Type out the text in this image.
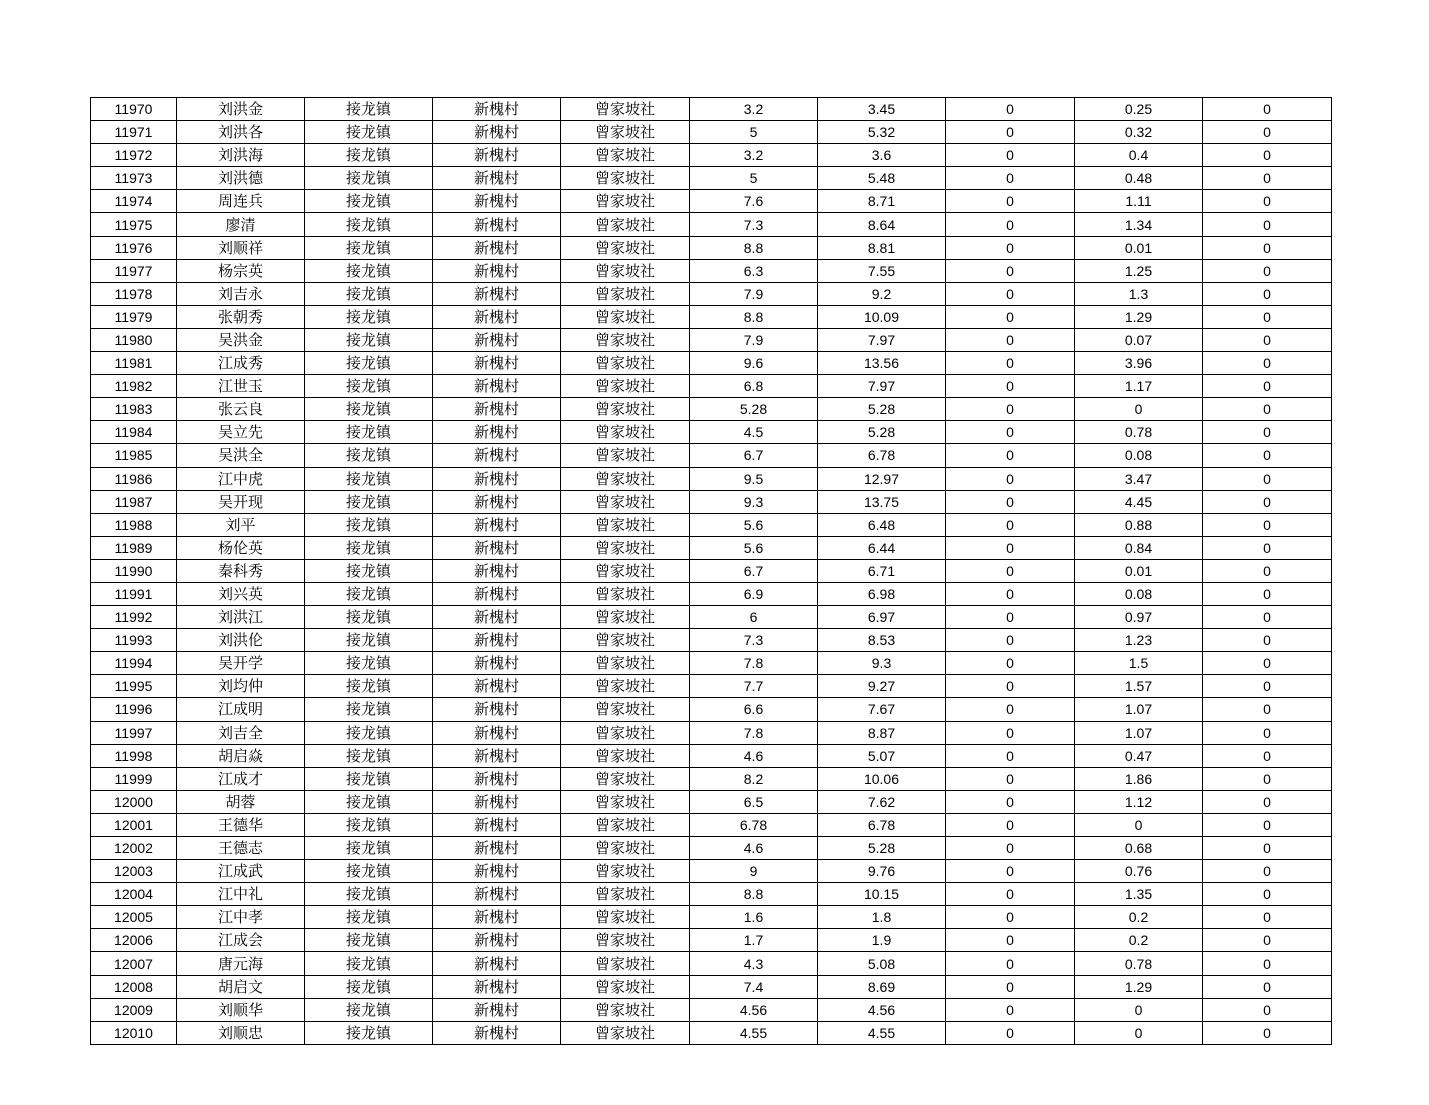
11970	刘洪金	接龙镇	新槐村	曾家坡社	3.2	3.45	0	0.25	0
11971	刘洪各	接龙镇	新槐村	曾家坡社	5	5.32	0	0.32	0
11972	刘洪海	接龙镇	新槐村	曾家坡社	3.2	3.6	0	0.4	0
11973	刘洪德	接龙镇	新槐村	曾家坡社	5	5.48	0	0.48	0
11974	周连兵	接龙镇	新槐村	曾家坡社	7.6	8.71	0	1.11	0
11975	廖清	接龙镇	新槐村	曾家坡社	7.3	8.64	0	1.34	0
11976	刘顺祥	接龙镇	新槐村	曾家坡社	8.8	8.81	0	0.01	0
11977	杨宗英	接龙镇	新槐村	曾家坡社	6.3	7.55	0	1.25	0
11978	刘吉永	接龙镇	新槐村	曾家坡社	7.9	9.2	0	1.3	0
11979	张朝秀	接龙镇	新槐村	曾家坡社	8.8	10.09	0	1.29	0
11980	吴洪金	接龙镇	新槐村	曾家坡社	7.9	7.97	0	0.07	0
11981	江成秀	接龙镇	新槐村	曾家坡社	9.6	13.56	0	3.96	0
11982	江世玉	接龙镇	新槐村	曾家坡社	6.8	7.97	0	1.17	0
11983	张云良	接龙镇	新槐村	曾家坡社	5.28	5.28	0	0	0
11984	吴立先	接龙镇	新槐村	曾家坡社	4.5	5.28	0	0.78	0
11985	吴洪全	接龙镇	新槐村	曾家坡社	6.7	6.78	0	0.08	0
11986	江中虎	接龙镇	新槐村	曾家坡社	9.5	12.97	0	3.47	0
11987	吴开现	接龙镇	新槐村	曾家坡社	9.3	13.75	0	4.45	0
11988	刘平	接龙镇	新槐村	曾家坡社	5.6	6.48	0	0.88	0
11989	杨伦英	接龙镇	新槐村	曾家坡社	5.6	6.44	0	0.84	0
11990	秦科秀	接龙镇	新槐村	曾家坡社	6.7	6.71	0	0.01	0
11991	刘兴英	接龙镇	新槐村	曾家坡社	6.9	6.98	0	0.08	0
11992	刘洪江	接龙镇	新槐村	曾家坡社	6	6.97	0	0.97	0
11993	刘洪伦	接龙镇	新槐村	曾家坡社	7.3	8.53	0	1.23	0
11994	吴开学	接龙镇	新槐村	曾家坡社	7.8	9.3	0	1.5	0
11995	刘均仲	接龙镇	新槐村	曾家坡社	7.7	9.27	0	1.57	0
11996	江成明	接龙镇	新槐村	曾家坡社	6.6	7.67	0	1.07	0
11997	刘吉全	接龙镇	新槐村	曾家坡社	7.8	8.87	0	1.07	0
11998	胡启焱	接龙镇	新槐村	曾家坡社	4.6	5.07	0	0.47	0
11999	江成才	接龙镇	新槐村	曾家坡社	8.2	10.06	0	1.86	0
12000	胡蓉	接龙镇	新槐村	曾家坡社	6.5	7.62	0	1.12	0
12001	王德华	接龙镇	新槐村	曾家坡社	6.78	6.78	0	0	0
12002	王德志	接龙镇	新槐村	曾家坡社	4.6	5.28	0	0.68	0
12003	江成武	接龙镇	新槐村	曾家坡社	9	9.76	0	0.76	0
12004	江中礼	接龙镇	新槐村	曾家坡社	8.8	10.15	0	1.35	0
12005	江中孝	接龙镇	新槐村	曾家坡社	1.6	1.8	0	0.2	0
12006	江成会	接龙镇	新槐村	曾家坡社	1.7	1.9	0	0.2	0
12007	唐元海	接龙镇	新槐村	曾家坡社	4.3	5.08	0	0.78	0
12008	胡启文	接龙镇	新槐村	曾家坡社	7.4	8.69	0	1.29	0
12009	刘顺华	接龙镇	新槐村	曾家坡社	4.56	4.56	0	0	0
12010	刘顺忠	接龙镇	新槐村	曾家坡社	4.55	4.55	0	0	0
